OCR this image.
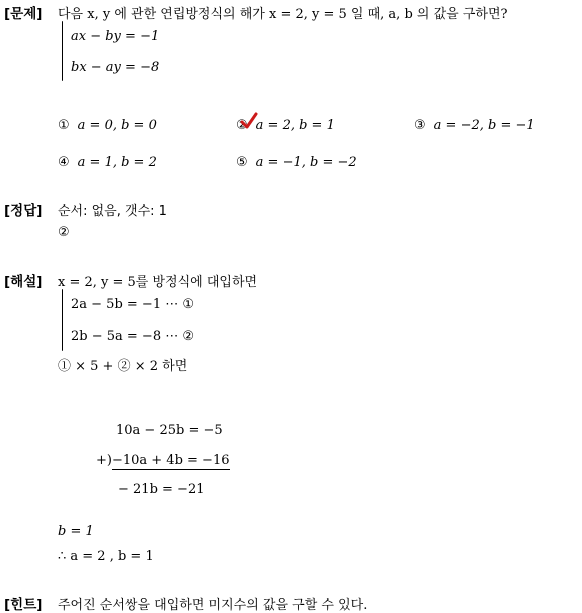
[문제] 다음 x, y 에 관한 연립방정식의 해가 x = 2, y = 5 일 때, a, b 의 값을 구하면?
ax − by = −1
bx − ay = −8
① a = 0, b = 0	② a = 2, b = 1	③ a = −2, b = −1
④ a = 1, b = 2	⑤ a = −1, b = −2
[정답] 순서: 없음, 갯수: 1
②
[해설] x = 2, y = 5를 방정식에 대입하면
2a − 5b = −1 ⋯ ①
2b − 5a = −8 ⋯ ②
① × 5 + ② × 2 하면
10a − 25b = −5
+)−10a + 4b = −16
− 21b = −21
b = 1
∴ a = 2 , b = 1
[힌트] 주어진 순서쌍을 대입하면 미지수의 값을 구할 수 있다.
